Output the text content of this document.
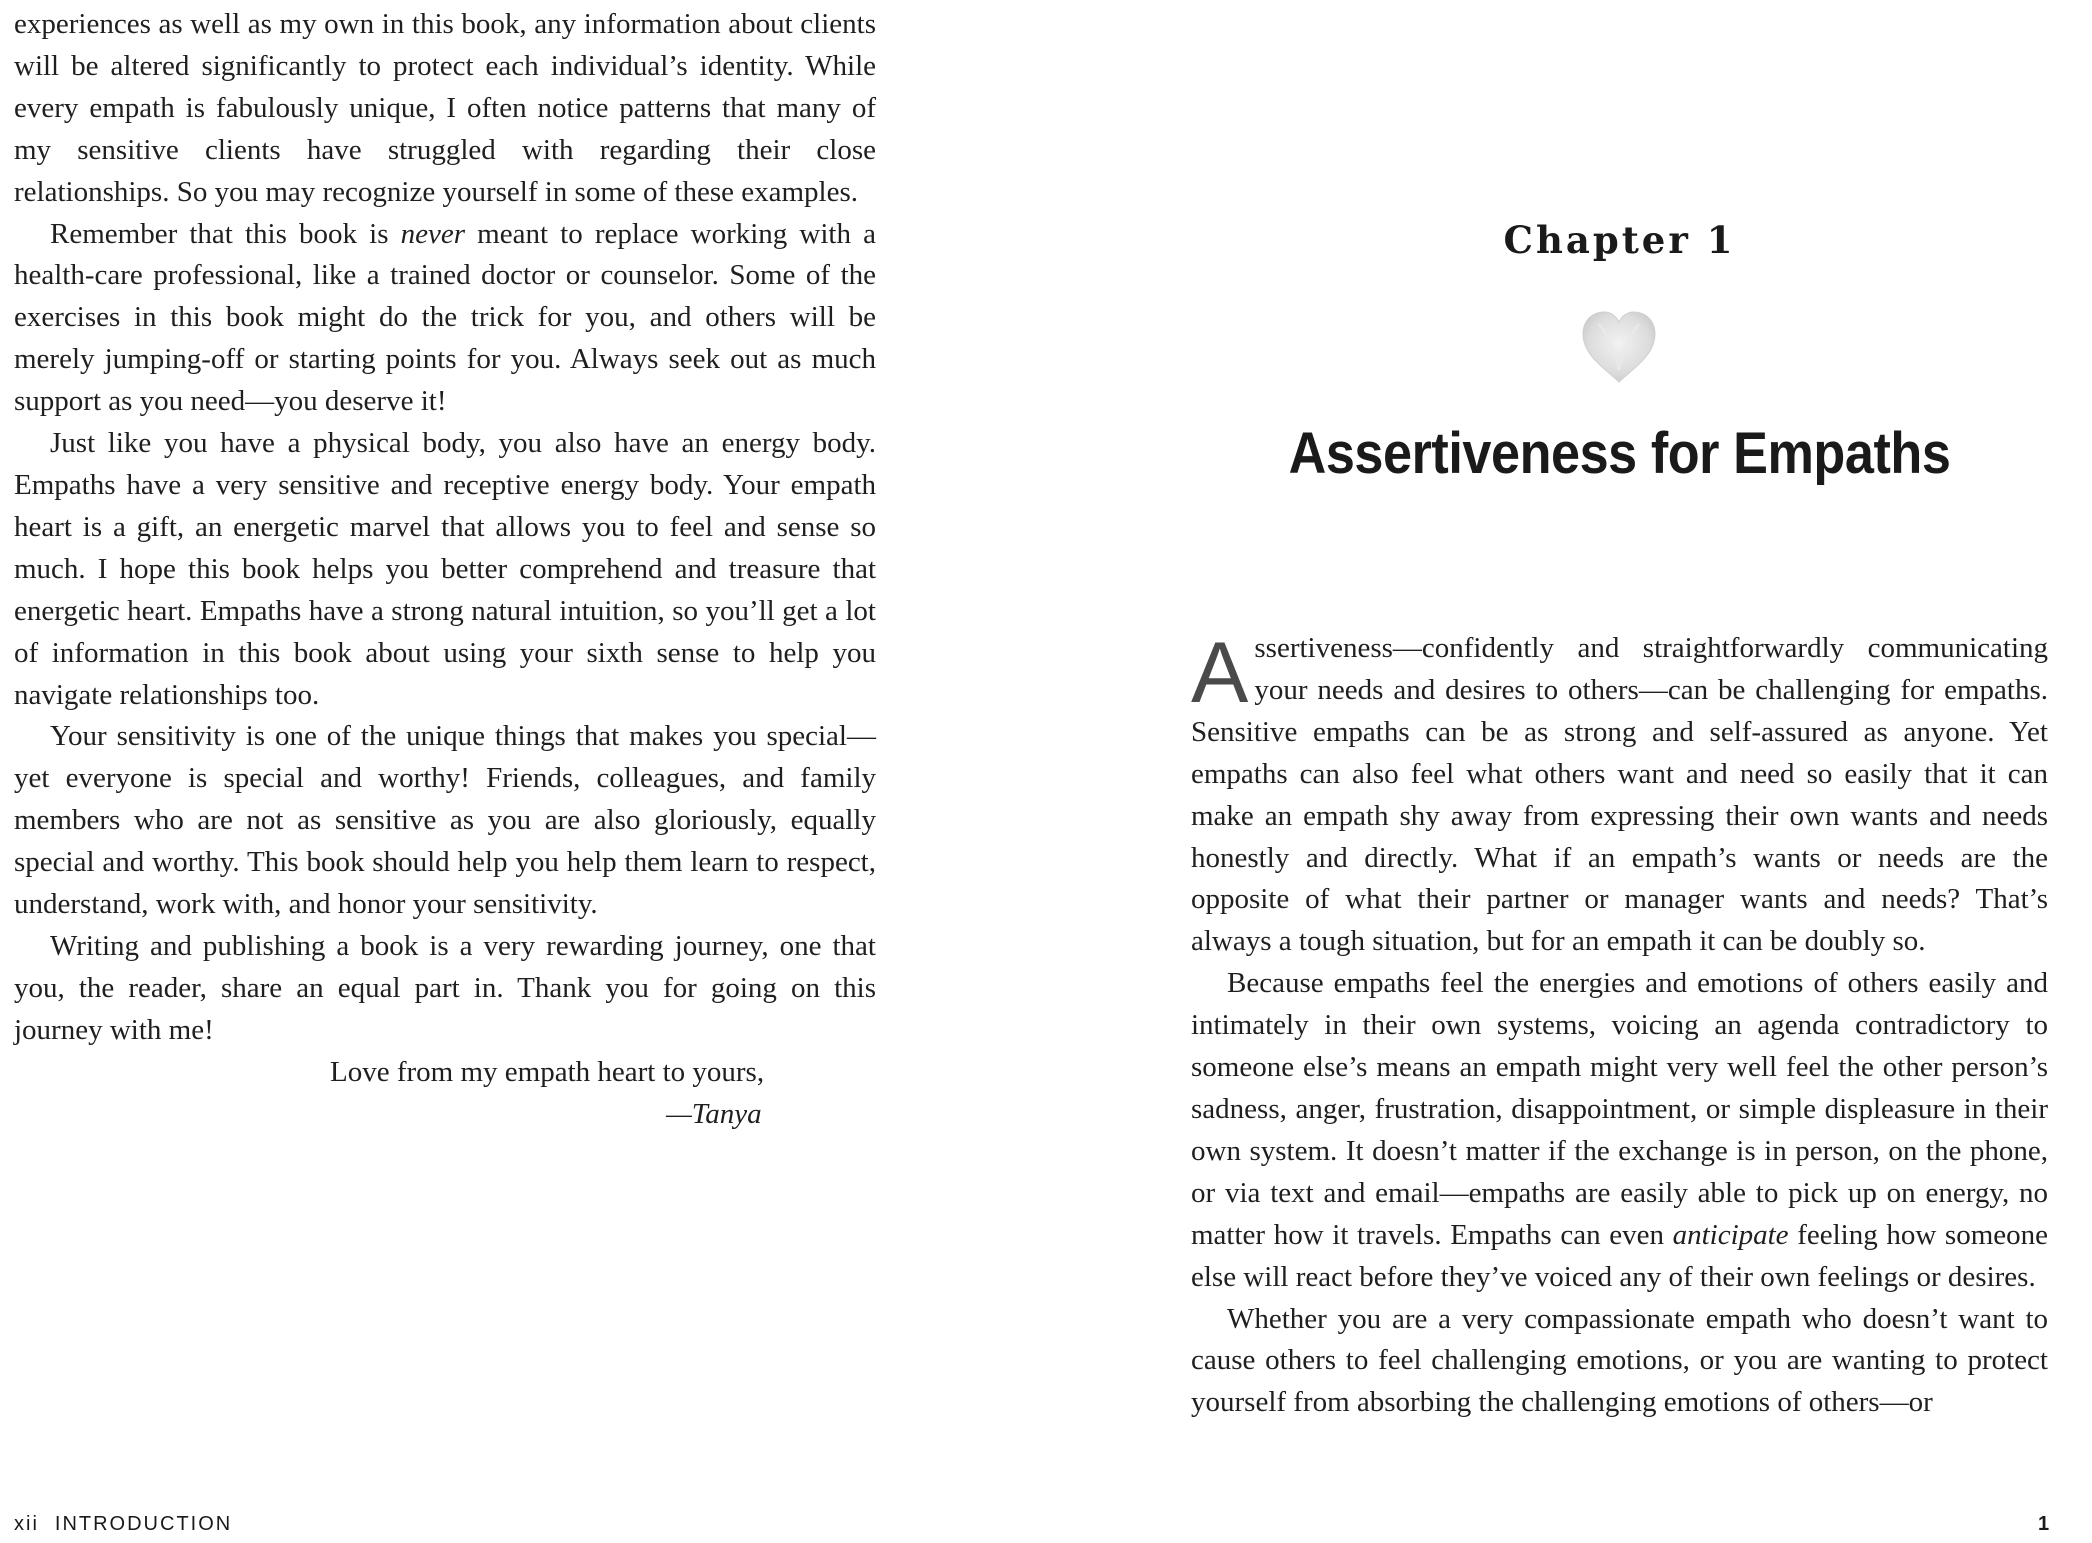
experiences as well as my own in this book, any information about clients will be altered significantly to protect each individual’s identity. While every empath is fabulously unique, I often notice patterns that many of my sensitive clients have struggled with regarding their close relationships. So you may recognize yourself in some of these examples.

Remember that this book is never meant to replace working with a health-care professional, like a trained doctor or counselor. Some of the exercises in this book might do the trick for you, and others will be merely jumping-off or starting points for you. Always seek out as much support as you need—you deserve it!

Just like you have a physical body, you also have an energy body. Empaths have a very sensitive and receptive energy body. Your empath heart is a gift, an energetic marvel that allows you to feel and sense so much. I hope this book helps you better comprehend and treasure that energetic heart. Empaths have a strong natural intuition, so you’ll get a lot of information in this book about using your sixth sense to help you navigate relationships too.

Your sensitivity is one of the unique things that makes you special—yet everyone is special and worthy! Friends, colleagues, and family members who are not as sensitive as you are also gloriously, equally special and worthy. This book should help you help them learn to respect, understand, work with, and honor your sensitivity.

Writing and publishing a book is a very rewarding journey, one that you, the reader, share an equal part in. Thank you for going on this journey with me!

Love from my empath heart to yours,
—Tanya
xii INTRODUCTION
Chapter 1
Assertiveness for Empaths

Assertiveness—confidently and straightforwardly communicating your needs and desires to others—can be challenging for empaths. Sensitive empaths can be as strong and self-assured as anyone. Yet empaths can also feel what others want and need so easily that it can make an empath shy away from expressing their own wants and needs honestly and directly. What if an empath’s wants or needs are the opposite of what their partner or manager wants and needs? That’s always a tough situation, but for an empath it can be doubly so.

Because empaths feel the energies and emotions of others easily and intimately in their own systems, voicing an agenda contradictory to someone else’s means an empath might very well feel the other person’s sadness, anger, frustration, disappointment, or simple displeasure in their own system. It doesn’t matter if the exchange is in person, on the phone, or via text and email—empaths are easily able to pick up on energy, no matter how it travels. Empaths can even anticipate feeling how someone else will react before they’ve voiced any of their own feelings or desires.

Whether you are a very compassionate empath who doesn’t want to cause others to feel challenging emotions, or you are wanting to protect yourself from absorbing the challenging emotions of others—or

1
